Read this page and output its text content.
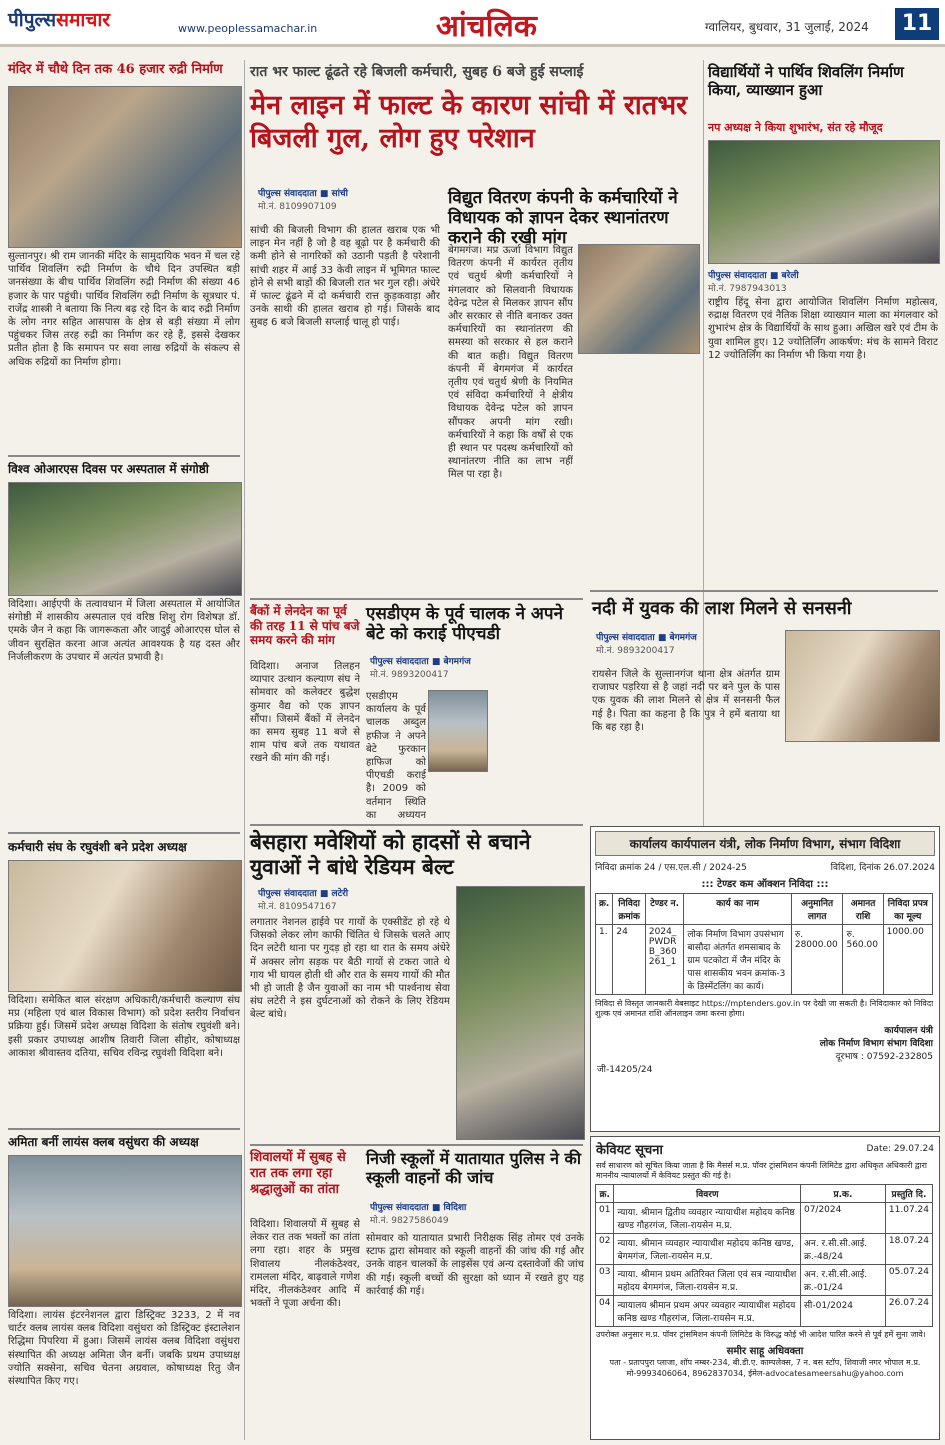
पीपुल्ससमाचार	www.peoplessamachar.in	आंचलिक	ग्वालियर, बुधवार, 31 जुलाई, 2024	11
मंदिर में चौथे दिन तक 46 हजार रुद्री निर्माण
सुल्तानपुर। श्री राम जानकी मंदिर के सामुदायिक भवन में चल रहे पार्थिव शिवलिंग रुद्री निर्माण के चौथे दिन उपस्थित बड़ी जनसंख्या के बीच पार्थिव शिवलिंग रुद्री निर्माण की संख्या 46 हजार के पार पहुंची। पार्थिव शिवलिंग रुद्री निर्माण के सूत्रधार पं. राजेंद्र शास्त्री ने बताया कि नित्य बढ़ रहे दिन के बाद रुद्री निर्माण के लोग नगर सहित आसपास के क्षेत्र से बड़ी संख्या में लोग पहुंचकर जिस तरह रुद्री का निर्माण कर रहे हैं, इससे देखकर प्रतीत होता है कि समापन पर सवा लाख रुद्रियों के संकल्प से अधिक रुद्रियों का निर्माण होगा।
विश्व ओआरएस दिवस पर अस्पताल में संगोष्ठी
विदिशा। आईएपी के तत्वावधान में जिला अस्पताल में आयोजित संगोष्ठी में शासकीय अस्पताल एवं वरिष्ठ शिशु रोग विशेषज्ञ डॉ. एमके जैन ने कहा कि जागरूकता और जादुई ओआरएस घोल से जीवन सुरक्षित करना आज अत्यंत आवश्यक है यह दस्त और निर्जलीकरण के उपचार में अत्यंत प्रभावी है।
कर्मचारी संघ के रघुवंशी बने प्रदेश अध्यक्ष
विदिशा। समेकित बाल संरक्षण अधिकारी/कर्मचारी कल्याण संघ मप्र (महिला एवं बाल विकास विभाग) को प्रदेश स्तरीय निर्वाचन प्रक्रिया हुई। जिसमें प्रदेश अध्यक्ष विदिशा के संतोष रघुवंशी बने। इसी प्रकार उपाध्यक्ष आशीष तिवारी जिला सीहोर, कोषाध्यक्ष आकाश श्रीवास्तव दतिया, सचिव रविन्द्र रघुवंशी विदिशा बने।
अमिता बर्नी लायंस क्लब वसुंधरा की अध्यक्ष
विदिशा। लायंस इंटरनेशनल द्वारा डिस्ट्रिक्ट 3233, 2 में नव चार्टर क्लब लायंस क्लब विदिशा वसुंधरा को डिस्ट्रिक्ट इंस्टालेशन रिद्धिमा पिपरिया में हुआ। जिसमें लायंस क्लब विदिशा वसुंधरा संस्थापित की अध्यक्ष अमिता जैन बर्नी। जबकि प्रथम उपाध्यक्ष ज्योति सक्सेना, सचिव चेतना अग्रवाल, कोषाध्यक्ष रितु जैन संस्थापित किए गए।
रात भर फाल्ट ढूंढते रहे बिजली कर्मचारी, सुबह 6 बजे हुई सप्लाई
मेन लाइन में फाल्ट के कारण सांची में रातभर बिजली गुल, लोग हुए परेशान
पीपुल्स संवाददाता ■ सांची
मो.नं. 8109907109
सांची की बिजली विभाग की हालत खराब एक भी लाइन मेन नहीं है जो है वह बूढ़ो पर है कर्मचारी की कमी होने से नागरिकों को उठानी पड़ती है परेशानी सांची शहर में आई 33 केवी लाइन में भूमिगत फाल्ट होने से सभी बाड़ों की बिजली रात भर गुल रही। अंधेरे में फाल्ट ढूंढने में दो कर्मचारी रात्त कुड़कवाड़ा और उनके साथी की हालत खराब हो गई। जिसके बाद सुबह 6 बजे बिजली सप्लाई चालू हो पाई।
विद्युत वितरण कंपनी के कर्मचारियों ने विधायक को ज्ञापन देकर स्थानांतरण कराने की रखी मांग
बेगमगंज। मप्र ऊर्जा विभाग विद्युत वितरण कंपनी में कार्यरत तृतीय एवं चतुर्थ श्रेणी कर्मचारियों ने मंगलवार को सिलवानी विधायक देवेन्द्र पटेल से मिलकर ज्ञापन सौंप और सरकार से नीति बनाकर उक्त कर्मचारियों का स्थानांतरण की समस्या को सरकार से हल कराने की बात कही। विद्युत वितरण कंपनी में बेगमगंज में कार्यरत तृतीय एवं चतुर्थ श्रेणी के नियमित एवं संविदा कर्मचारियों ने क्षेत्रीय विधायक देवेन्द्र पटेल को ज्ञापन सौंपकर अपनी मांग रखी। कर्मचारियों ने कहा कि वर्षों से एक ही स्थान पर पदस्थ कर्मचारियों को स्थानांतरण नीति का लाभ नहीं मिल पा रहा है।
विद्यार्थियों ने पार्थिव शिवलिंग निर्माण किया, व्याख्यान हुआ
नप अध्यक्ष ने किया शुभारंभ, संत रहे मौजूद
पीपुल्स संवाददाता ■ बरेली
मो.नं. 7987943013
राष्ट्रीय हिंदू सेना द्वारा आयोजित शिवलिंग निर्माण महोत्सव, रुद्राक्ष वितरण एवं नैतिक शिक्षा व्याख्यान माला का मंगलवार को शुभारंभ क्षेत्र के विद्यार्थियों के साथ हुआ। अखिल खरे एवं टीम के युवा शामिल हुए। 12 ज्योतिर्लिंग आकर्षण: मंच के सामने विराट 12 ज्योतिर्लिंग का निर्माण भी किया गया है।
नदी में युवक की लाश मिलने से सनसनी
पीपुल्स संवाददाता ■ बेगमगंज
मो.नं. 9893200417
रायसेन जिले के सुल्तानगंज थाना क्षेत्र अंतर्गत ग्राम राजाघर पड़रिया से है जहां नदी पर बने पुल के पास एक युवक की लाश मिलने से क्षेत्र में सनसनी फैल गई है। पिता का कहना है कि पुत्र ने हमें बताया था कि बह रहा है।
बैंकों में लेनदेन का पूर्व की तरह 11 से पांच बजे समय करने की मांग
विदिशा। अनाज तिलहन व्यापार उत्थान कल्याण संघ ने सोमवार को कलेक्टर बुद्धेश कुमार वैद्य को एक ज्ञापन सौंपा। जिसमें बैंकों में लेनदेन का समय सुबह 11 बजे से शाम पांच बजे तक यथावत रखने की मांग की गई।
एसडीएम के पूर्व चालक ने अपने बेटे को कराई पीएचडी
पीपुल्स संवाददाता ■ बेगमगंज
मो.नं. 9893200417
एसडीएम कार्यालय के पूर्व चालक अब्दुल हफीज ने अपने बेटे फुरकान हाफिज को पीएचडी कराई है। 2009 को वर्तमान स्थिति का अध्ययन
बेसहारा मवेशियों को हादसों से बचाने युवाओं ने बांधे रेडियम बेल्ट
पीपुल्स संवाददाता ■ लटेरी
मो.नं. 8109547167
लगातार नेशनल हाईवे पर गायों के एक्सीडेंट हो रहे थे जिसको लेकर लोग काफी चिंतित थे जिसके चलते आए दिन लटेरी थाना पर गुदड़ हो रहा था रात के समय अंधेरे में अक्सर लोग सड़क पर बैठी गायों से टकरा जाते थे गाय भी घायल होती थी और रात के समय गायों की मौत भी हो जाती है जैन युवाओं का नाम भी पार्श्वनाथ सेवा संघ लटेरी ने इस दुर्घटनाओं को रोकने के लिए रेडियम बेल्ट बांधे।
शिवालयों में सुबह से रात तक लगा रहा श्रद्धालुओं का तांता
विदिशा। शिवालयों में सुबह से लेकर रात तक भक्तों का तांता लगा रहा। शहर के प्रमुख शिवालय नीलकंठेश्वर, रामलला मंदिर, बाढ़वाले गणेश मंदिर, नीलकंठेश्वर आदि में भक्तों ने पूजा अर्चना की।
निजी स्कूलों में यातायात पुलिस ने की स्कूली वाहनों की जांच
पीपुल्स संवाददाता ■ विदिशा
मो.नं. 9827586049
सोमवार को यातायात प्रभारी निरीक्षक सिंह तोमर एवं उनके स्टाफ द्वारा सोमवार को स्कूली वाहनों की जांच की गई और उनके वाहन चालकों के लाइसेंस एवं अन्य दस्तावेजों की जांच की गई। स्कूली बच्चों की सुरक्षा को ध्यान में रखते हुए यह कार्रवाई की गई।
कार्यालय कार्यपालन यंत्री, लोक निर्माण विभाग, संभाग विदिशा
निविदा क्रमांक 24 / एस.एल.सी / 2024-25	विदिशा, दिनांक 26.07.2024
::: टेण्डर कम ऑक्शन निविदा :::
क्र.	निविदा क्रमांक	टेण्डर न.	कार्य का नाम	अनुमानित लागत	अमानत राशि	निविदा प्रपत्र का मूल्य
1.	24	2024_PWDRB_360261_1	लोक निर्माण विभाग उपसंभाग बासौदा अंतर्गत शमसाबाद के ग्राम पटकोटा में जैन मंदिर के पास शासकीय भवन क्रमांक-3 के डिस्मेंटलिंग का कार्य।	रु. 28000.00	रु. 560.00	1000.00
निविदा से विस्तृत जानकारी वेबसाइट https://mptenders.gov.in पर देखी जा सकती है। निविदाकार को निविदा शुल्क एवं अमानत राशि ऑनलाइन जमा करना होगा।
कार्यपालन यंत्री
लोक निर्माण विभाग संभाग विदिशा
दूरभाष : 07592-232805
जी-14205/24
केवियट सूचना	Date: 29.07.24
सर्व साधारण को सूचित किया जाता है कि मैसर्स म.प्र. पॉवर ट्रांसमिशन कंपनी लिमिटेड द्वारा अधिकृत अधिकारी द्वारा माननीय न्यायालयों में केवियट प्रस्तुत की गई है।
क्र.	विवरण	प्र.क.	प्रस्तुति दि.
01	न्याया. श्रीमान द्वितीय व्यवहार न्यायाधीश महोदय कनिष्ठ खण्ड गौहरगंज, जिला-रायसेन म.प्र.	07/2024	11.07.24
02	न्याया. श्रीमान व्यवहार न्यायाधीश महोदय कनिष्ठ खण्ड, बेगमगंज, जिला-रायसेन म.प्र.	अन. र.सी.सी.आई. क्र.-48/24	18.07.24
03	न्याया. श्रीमान प्रथम अतिरिक्त जिला एवं सत्र न्यायाधीश महोदय बेगमगंज, जिला-रायसेन म.प्र.	अन. र.सी.सी.आई. क्र.-01/24	05.07.24
04	न्यायालय श्रीमान प्रथम अपर व्यवहार न्यायाधीश महोदय कनिष्ठ खण्ड गौहरगंज, जिला-रायसेन म.प्र.	सी-01/2024	26.07.24
उपरोक्त अनुसार म.प्र. पॉवर ट्रांसमिशन कंपनी लिमिटेड के विरुद्ध कोई भी आदेश पारित करने से पूर्व हमें सुना जावे।
समीर साहू अधिवक्ता
पता - प्रतापपुरा प्लाजा, शॉप नम्बर-234, बी.डी.ए. काम्पलेक्स, 7 न. बस स्टॉप, शिवाजी नगर भोपाल म.प्र.
मो-9993406064, 8962837034, ईमेल-advocatesameersahu@yahoo.com
